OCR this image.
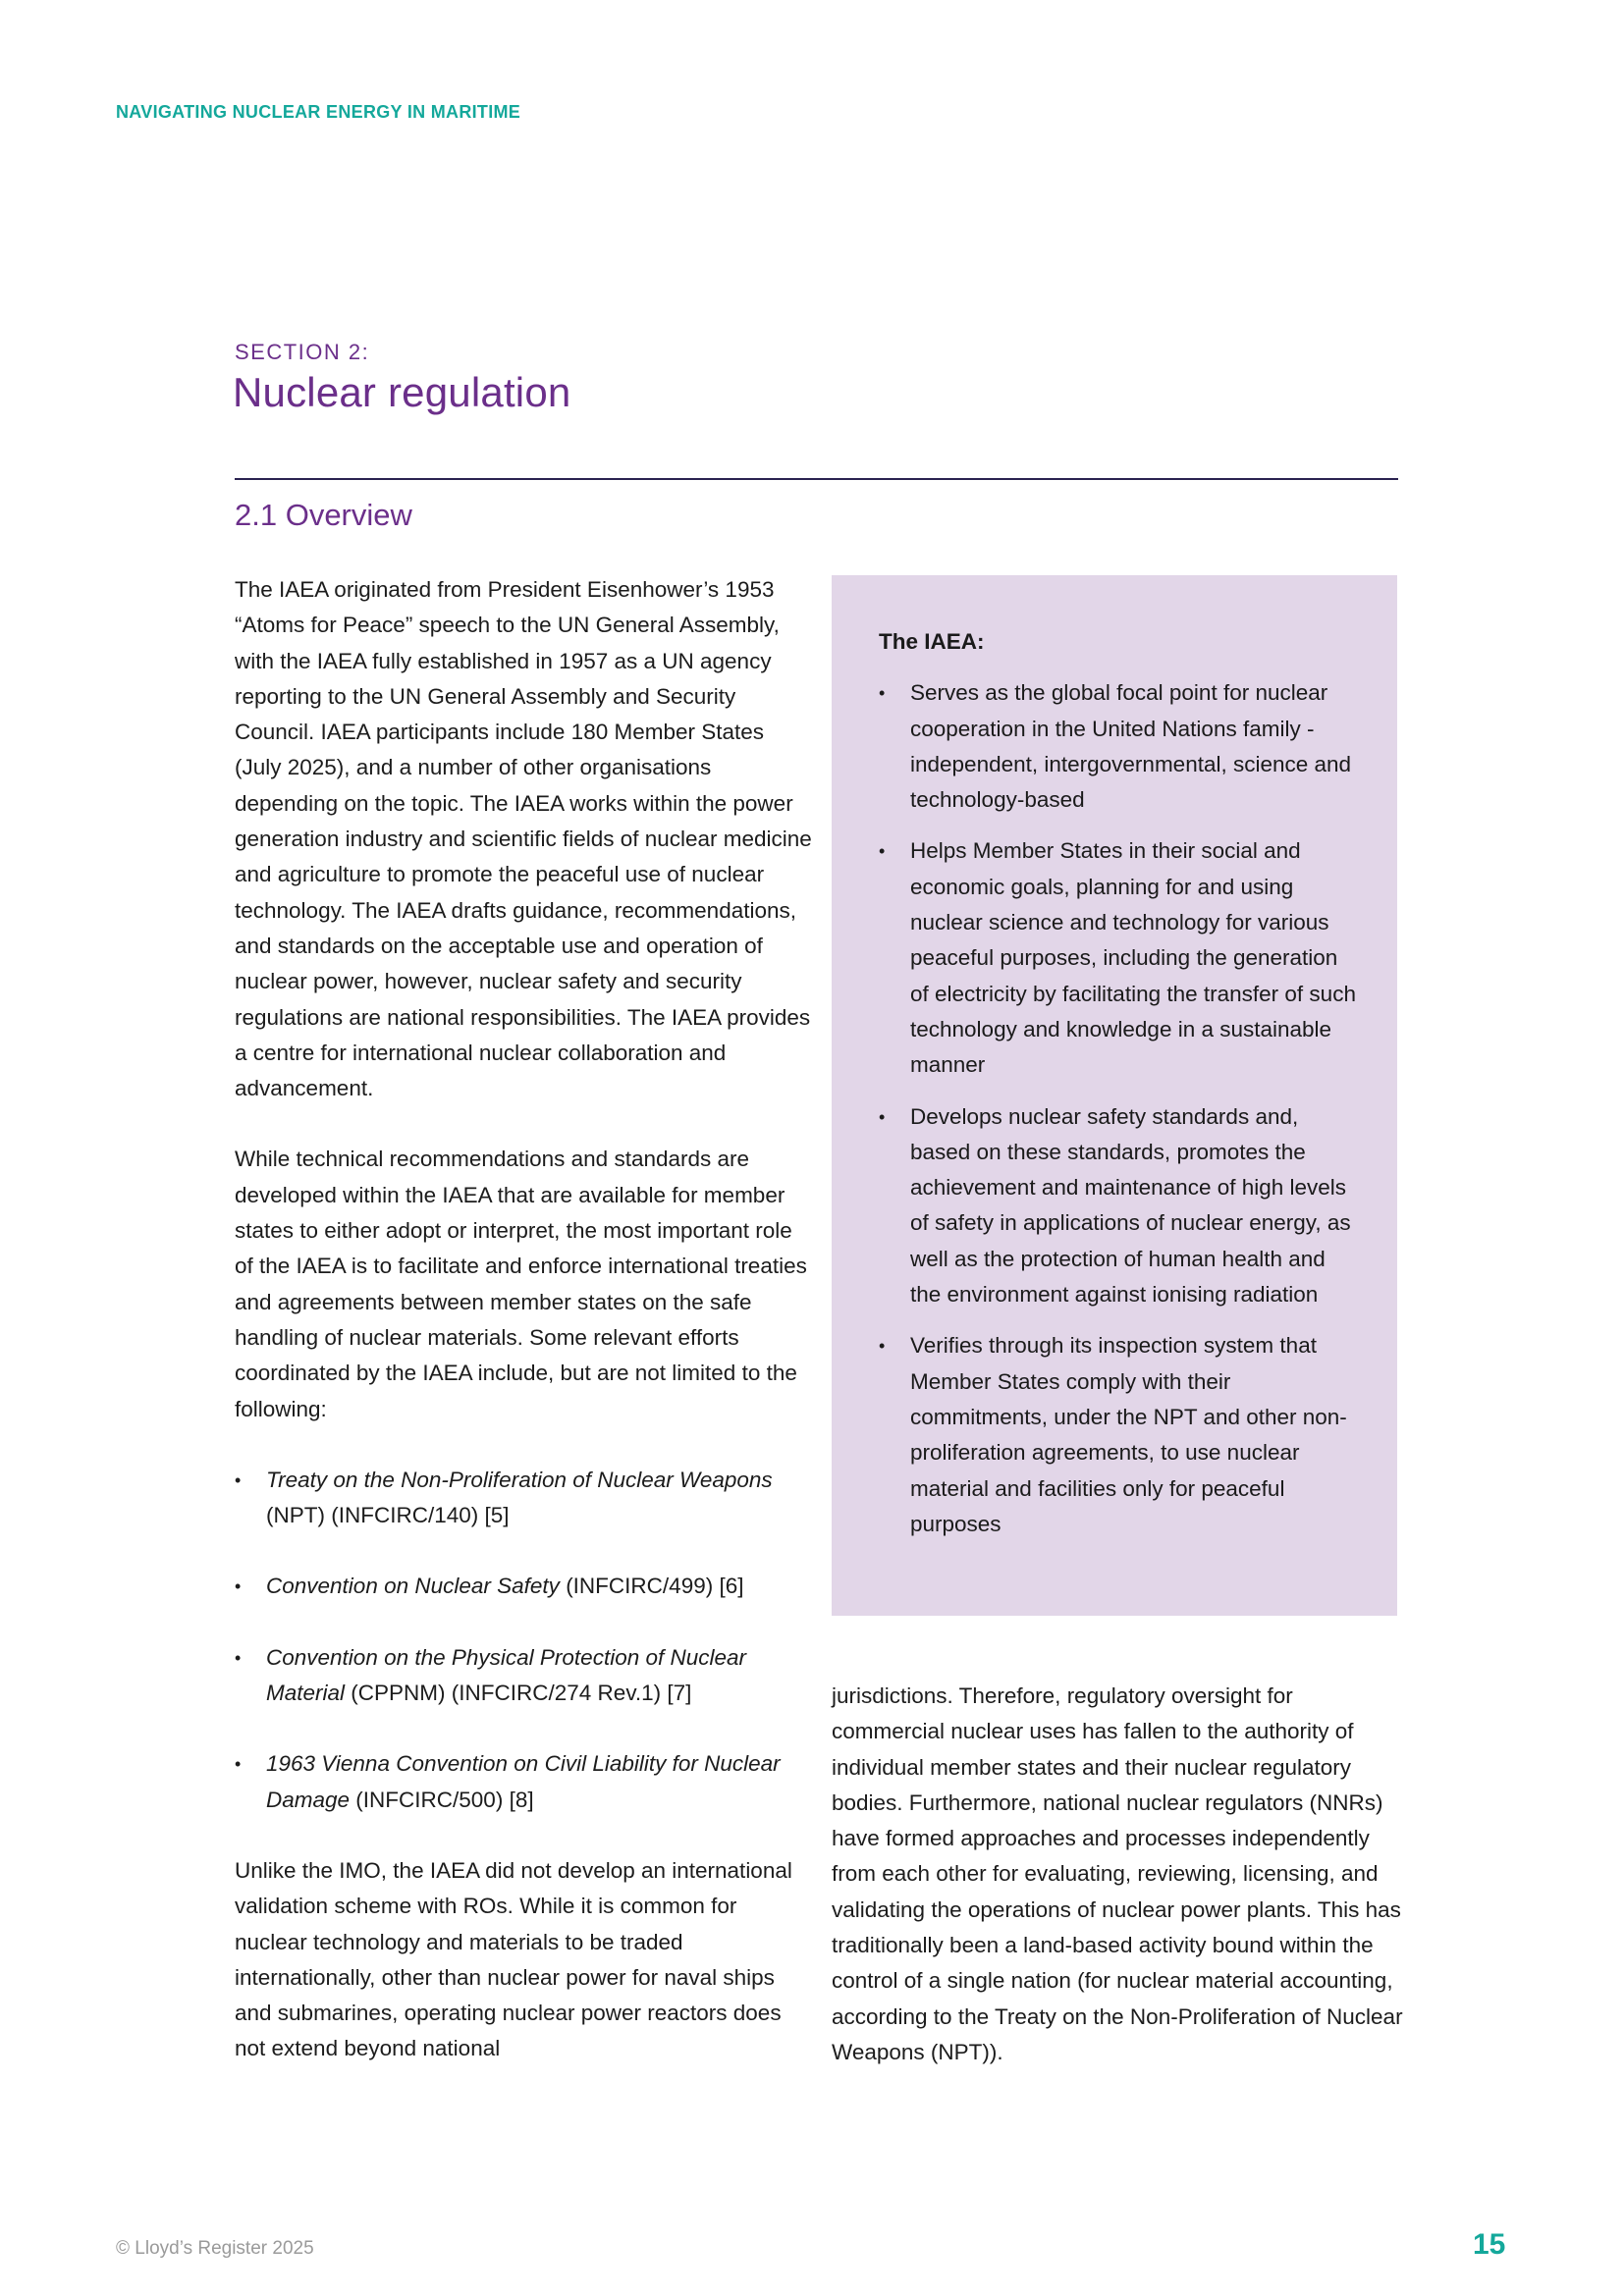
NAVIGATING NUCLEAR ENERGY IN MARITIME
SECTION 2:
Nuclear regulation
2.1 Overview

The IAEA originated from President Eisenhower’s 1953 “Atoms for Peace” speech to the UN General Assembly, with the IAEA fully established in 1957 as a UN agency reporting to the UN General Assembly and Security Council. IAEA participants include 180 Member States (July 2025), and a number of other organisations depending on the topic. The IAEA works within the power generation industry and scientific fields of nuclear medicine and agriculture to promote the peaceful use of nuclear technology. The IAEA drafts guidance, recommendations, and standards on the acceptable use and operation of nuclear power, however, nuclear safety and security regulations are national responsibilities. The IAEA provides a centre for international nuclear collaboration and advancement.

While technical recommendations and standards are developed within the IAEA that are available for member states to either adopt or interpret, the most important role of the IAEA is to facilitate and enforce international treaties and agreements between member states on the safe handling of nuclear materials. Some relevant efforts coordinated by the IAEA include, but are not limited to the following:

• Treaty on the Non-Proliferation of Nuclear Weapons (NPT) (INFCIRC/140) [5]
• Convention on Nuclear Safety (INFCIRC/499) [6]
• Convention on the Physical Protection of Nuclear Material (CPPNM) (INFCIRC/274 Rev.1) [7]
• 1963 Vienna Convention on Civil Liability for Nuclear Damage (INFCIRC/500) [8]

Unlike the IMO, the IAEA did not develop an international validation scheme with ROs. While it is common for nuclear technology and materials to be traded internationally, other than nuclear power for naval ships and submarines, operating nuclear power reactors does not extend beyond national

The IAEA:
• Serves as the global focal point for nuclear cooperation in the United Nations family - independent, intergovernmental, science and technology-based
• Helps Member States in their social and economic goals, planning for and using nuclear science and technology for various peaceful purposes, including the generation of electricity by facilitating the transfer of such technology and knowledge in a sustainable manner
• Develops nuclear safety standards and, based on these standards, promotes the achievement and maintenance of high levels of safety in applications of nuclear energy, as well as the protection of human health and the environment against ionising radiation
• Verifies through its inspection system that Member States comply with their commitments, under the NPT and other non-proliferation agreements, to use nuclear material and facilities only for peaceful purposes

jurisdictions. Therefore, regulatory oversight for commercial nuclear uses has fallen to the authority of individual member states and their nuclear regulatory bodies. Furthermore, national nuclear regulators (NNRs) have formed approaches and processes independently from each other for evaluating, reviewing, licensing, and validating the operations of nuclear power plants. This has traditionally been a land-based activity bound within the control of a single nation (for nuclear material accounting, according to the Treaty on the Non-Proliferation of Nuclear Weapons (NPT)).

© Lloyd’s Register 2025	15
